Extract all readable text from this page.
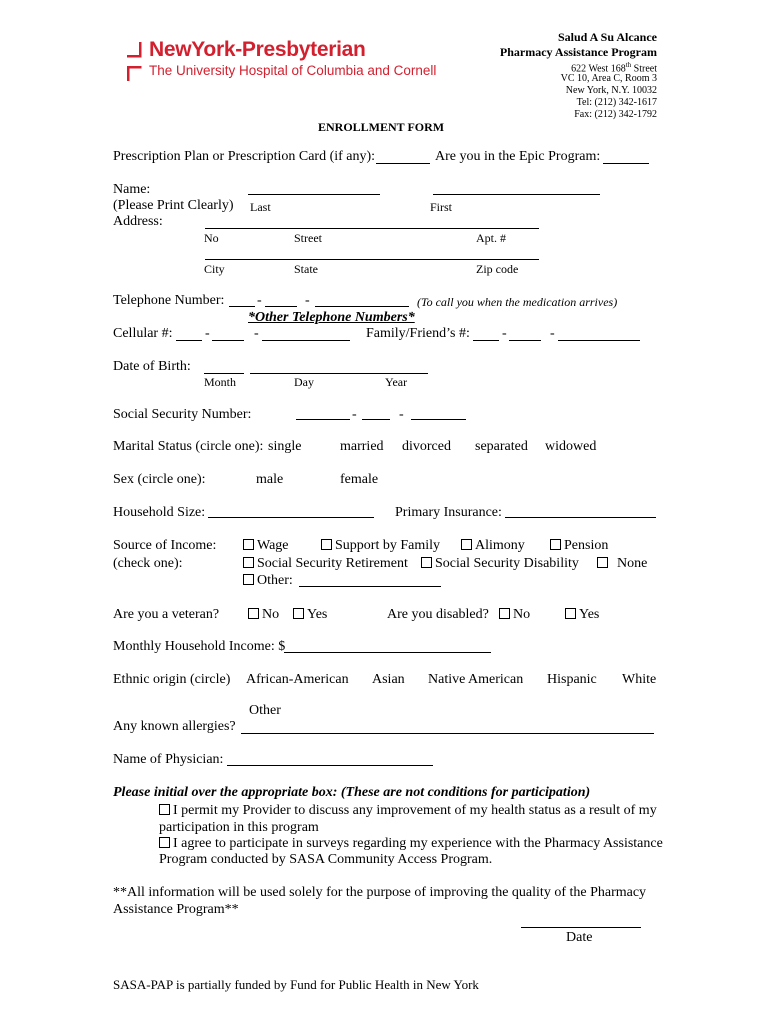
NewYork-Presbyterian
The University Hospital of Columbia and Cornell
Salud A Su Alcance
Pharmacy Assistance Program
622 West 168th Street
VC 10, Area C, Room 3
New York, N.Y. 10032
Tel: (212) 342-1617
Fax: (212) 342-1792
ENROLLMENT FORM
Prescription Plan or Prescription Card (if any):	Are you in the Epic Program:
Name:
(Please Print Clearly) Last	First
Address:
No	Street	Apt. #
City	State	Zip code
Telephone Number: -	-	(To call you when the medication arrives)
*Other Telephone Numbers*
Cellular #: -	-	Family/Friend’s #: -	-
Date of Birth:
Month	Day	Year
Social Security Number:	-	-
Marital Status (circle one): single	married divorced separated widowed
Sex (circle one):	male	female
Household Size:	Primary Insurance:
Source of Income:
(check one):
Wage	Support by Family	Alimony	Pension
Social Security Retirement	Social Security Disability	None
Other:
Are you a veteran?	No	Yes	Are you disabled?	No	Yes
Monthly Household Income: $
Ethnic origin (circle) African-American Asian Native American Hispanic White
Other
Any known allergies?
Name of Physician:
Please initial over the appropriate box: (These are not conditions for participation)
I permit my Provider to discuss any improvement of my health status as a result of my
participation in this program
I agree to participate in surveys regarding my experience with the Pharmacy Assistance
Program conducted by SASA Community Access Program.
**All information will be used solely for the purpose of improving the quality of the Pharmacy
Assistance Program**
Date
SASA-PAP is partially funded by Fund for Public Health in New York
